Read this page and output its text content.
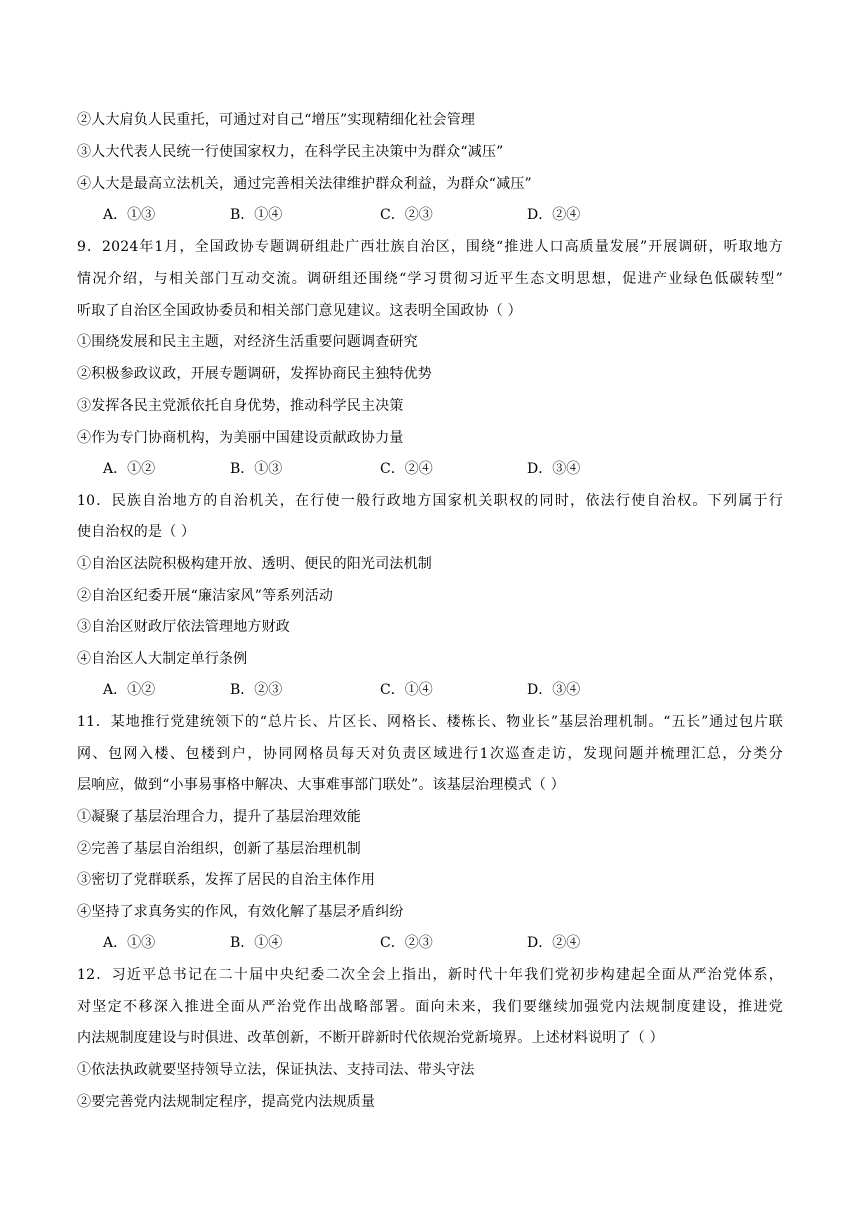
②人大肩负人民重托，可通过对自己“增压”实现精细化社会管理
③人大代表人民统一行使国家权力，在科学民主决策中为群众“减压”
④人大是最高立法机关，通过完善相关法律维护群众利益，为群众“减压”
A．①③	B．①④	C．②③	D．②④
9．2024年1月，全国政协专题调研组赴广西壮族自治区，围绕“推进人口高质量发展”开展调研，听取地方
情况介绍，与相关部门互动交流。调研组还围绕“学习贯彻习近平生态文明思想，促进产业绿色低碳转型”
听取了自治区全国政协委员和相关部门意见建议。这表明全国政协（ ）
①围绕发展和民主主题，对经济生活重要问题调查研究
②积极参政议政，开展专题调研，发挥协商民主独特优势
③发挥各民主党派依托自身优势，推动科学民主决策
④作为专门协商机构，为美丽中国建设贡献政协力量
A．①②	B．①③	C．②④	D．③④
10．民族自治地方的自治机关，在行使一般行政地方国家机关职权的同时，依法行使自治权。下列属于行
使自治权的是（ ）
①自治区法院积极构建开放、透明、便民的阳光司法机制
②自治区纪委开展“廉洁家风”等系列活动
③自治区财政厅依法管理地方财政
④自治区人大制定单行条例
A．①②	B．②③	C．①④	D．③④
11．某地推行党建统领下的“总片长、片区长、网格长、楼栋长、物业长”基层治理机制。“五长”通过包片联
网、包网入楼、包楼到户，协同网格员每天对负责区域进行1次巡查走访，发现问题并梳理汇总，分类分
层响应，做到“小事易事格中解决、大事难事部门联处”。该基层治理模式（ ）
①凝聚了基层治理合力，提升了基层治理效能
②完善了基层自治组织，创新了基层治理机制
③密切了党群联系，发挥了居民的自治主体作用
④坚持了求真务实的作风，有效化解了基层矛盾纠纷
A．①③	B．①④	C．②③	D．②④
12．习近平总书记在二十届中央纪委二次全会上指出，新时代十年我们党初步构建起全面从严治党体系，
对坚定不移深入推进全面从严治党作出战略部署。面向未来，我们要继续加强党内法规制度建设，推进党
内法规制度建设与时俱进、改革创新，不断开辟新时代依规治党新境界。上述材料说明了（ ）
①依法执政就要坚持领导立法，保证执法、支持司法、带头守法
②要完善党内法规制定程序，提高党内法规质量
